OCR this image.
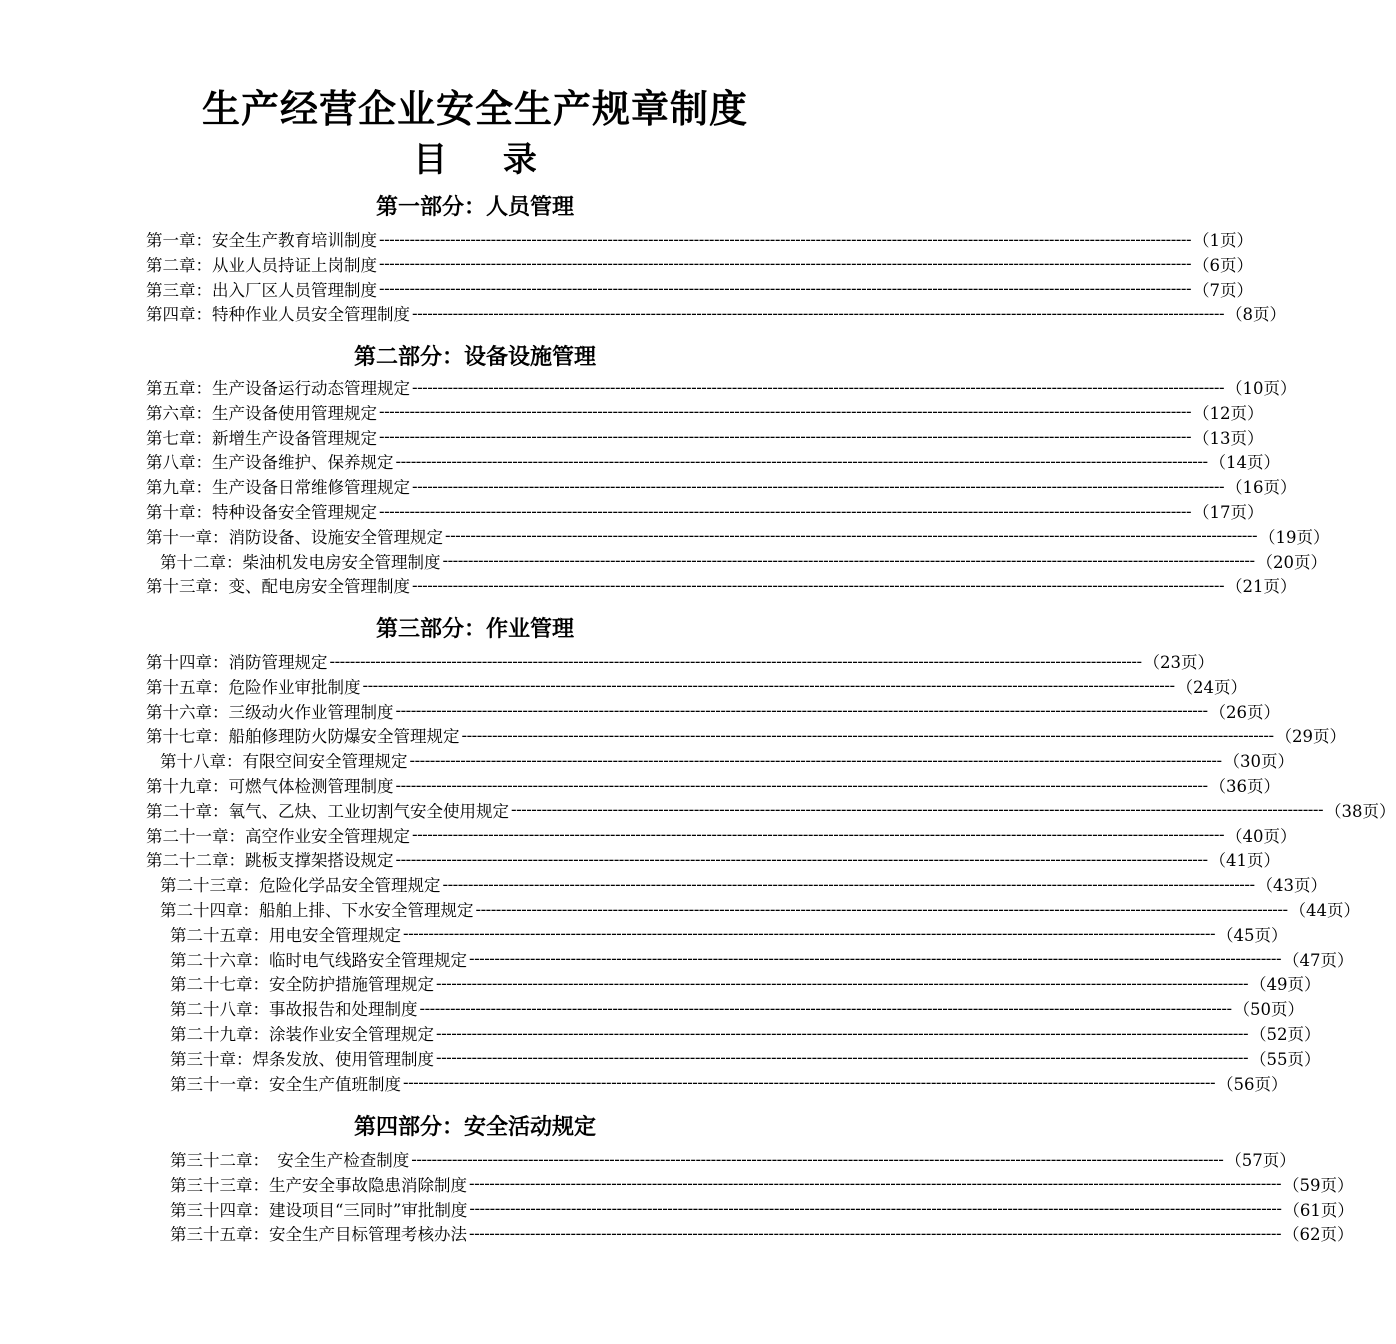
生产经营企业安全生产规章制度
目 录
第一部分：人员管理
第一章：安全生产教育培训制度 ---------------------------------------------------------------------------------------------------------------------------------------------------------------- （1页）
第二章：从业人员持证上岗制度 ---------------------------------------------------------------------------------------------------------------------------------------------------------------- （6页）
第三章：出入厂区人员管理制度 ---------------------------------------------------------------------------------------------------------------------------------------------------------------- （7页）
第四章：特种作业人员安全管理制度 ---------------------------------------------------------------------------------------------------------------------------------------------------------------- （8页）
第二部分：设备设施管理
第五章：生产设备运行动态管理规定 ---------------------------------------------------------------------------------------------------------------------------------------------------------------- （10页）
第六章：生产设备使用管理规定 ---------------------------------------------------------------------------------------------------------------------------------------------------------------- （12页）
第七章：新增生产设备管理规定 ---------------------------------------------------------------------------------------------------------------------------------------------------------------- （13页）
第八章：生产设备维护、保养规定 ---------------------------------------------------------------------------------------------------------------------------------------------------------------- （14页）
第九章：生产设备日常维修管理规定 ---------------------------------------------------------------------------------------------------------------------------------------------------------------- （16页）
第十章：特种设备安全管理规定 ---------------------------------------------------------------------------------------------------------------------------------------------------------------- （17页）
第十一章：消防设备、设施安全管理规定 ---------------------------------------------------------------------------------------------------------------------------------------------------------------- （19页）
第十二章：柴油机发电房安全管理制度 ---------------------------------------------------------------------------------------------------------------------------------------------------------------- （20页）
第十三章：变、配电房安全管理制度 ---------------------------------------------------------------------------------------------------------------------------------------------------------------- （21页）
第三部分：作业管理
第十四章：消防管理规定 ---------------------------------------------------------------------------------------------------------------------------------------------------------------- （23页）
第十五章：危险作业审批制度 ---------------------------------------------------------------------------------------------------------------------------------------------------------------- （24页）
第十六章：三级动火作业管理制度 ---------------------------------------------------------------------------------------------------------------------------------------------------------------- （26页）
第十七章：船舶修理防火防爆安全管理规定 ---------------------------------------------------------------------------------------------------------------------------------------------------------------- （29页）
第十八章：有限空间安全管理规定 ---------------------------------------------------------------------------------------------------------------------------------------------------------------- （30页）
第十九章：可燃气体检测管理制度 ---------------------------------------------------------------------------------------------------------------------------------------------------------------- （36页）
第二十章：氧气、乙炔、工业切割气安全使用规定 ---------------------------------------------------------------------------------------------------------------------------------------------------------------- （38页）
第二十一章：高空作业安全管理规定 ---------------------------------------------------------------------------------------------------------------------------------------------------------------- （40页）
第二十二章：跳板支撑架搭设规定 ---------------------------------------------------------------------------------------------------------------------------------------------------------------- （41页）
第二十三章：危险化学品安全管理规定 ---------------------------------------------------------------------------------------------------------------------------------------------------------------- （43页）
第二十四章：船舶上排、下水安全管理规定 ---------------------------------------------------------------------------------------------------------------------------------------------------------------- （44页）
第二十五章：用电安全管理规定 ---------------------------------------------------------------------------------------------------------------------------------------------------------------- （45页）
第二十六章：临时电气线路安全管理规定 ---------------------------------------------------------------------------------------------------------------------------------------------------------------- （47页）
第二十七章：安全防护措施管理规定 ---------------------------------------------------------------------------------------------------------------------------------------------------------------- （49页）
第二十八章：事故报告和处理制度 ---------------------------------------------------------------------------------------------------------------------------------------------------------------- （50页）
第二十九章：涂装作业安全管理规定 ---------------------------------------------------------------------------------------------------------------------------------------------------------------- （52页）
第三十章：焊条发放、使用管理制度 ---------------------------------------------------------------------------------------------------------------------------------------------------------------- （55页）
第三十一章：安全生产值班制度 ---------------------------------------------------------------------------------------------------------------------------------------------------------------- （56页）
第四部分：安全活动规定
第三十二章：　安全生产检查制度 ---------------------------------------------------------------------------------------------------------------------------------------------------------------- （57页）
第三十三章：生产安全事故隐患消除制度 ---------------------------------------------------------------------------------------------------------------------------------------------------------------- （59页）
第三十四章：建设项目“三同时”审批制度 ---------------------------------------------------------------------------------------------------------------------------------------------------------------- （61页）
第三十五章：安全生产目标管理考核办法 ---------------------------------------------------------------------------------------------------------------------------------------------------------------- （62页）
